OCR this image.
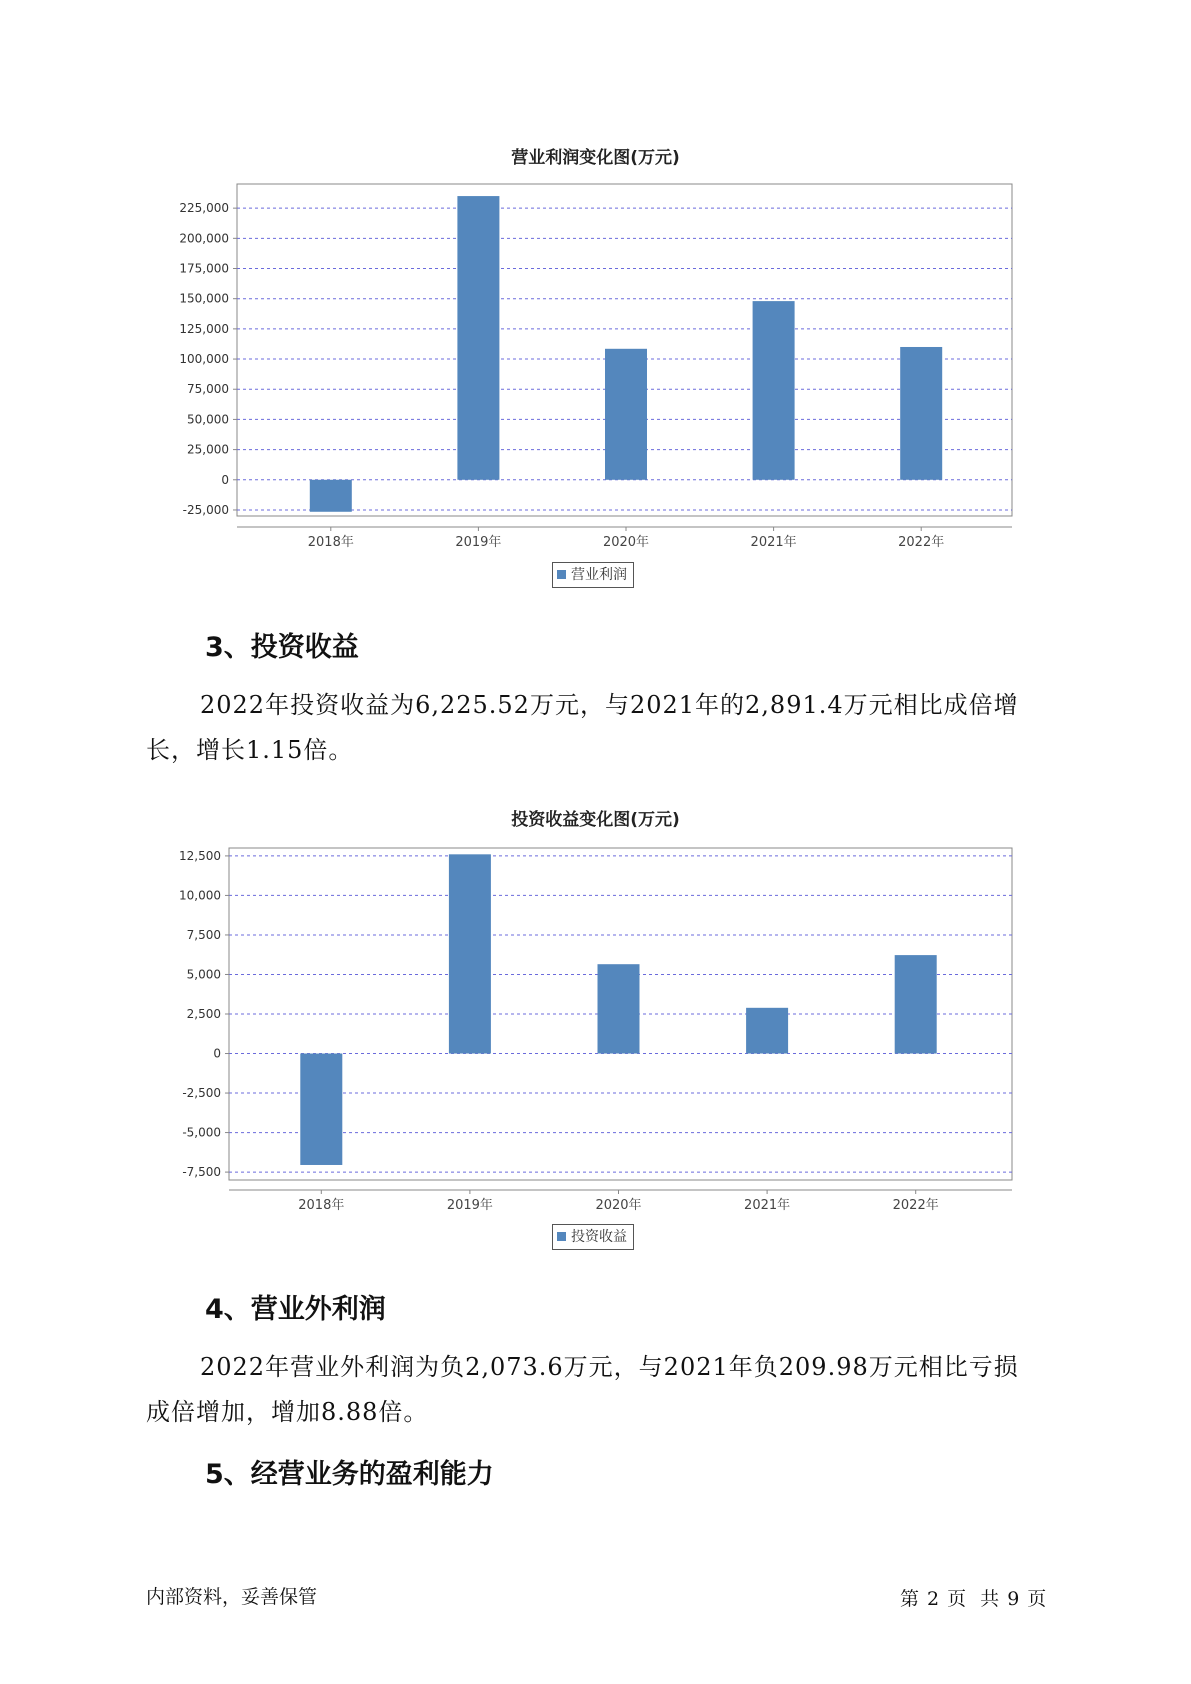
营业利润变化图(万元)
225,000
200,000
175,000
150,000
125,000
100,000
75,000
50,000
25,000
0
-25,000
2018年	2019年	2020年	2021年	2022年
营业利润
3、投资收益
2022年投资收益为6,225.52万元，与2021年的2,891.4万元相比成倍增
长，增长1.15倍。
投资收益变化图(万元)
12,500
10,000
7,500
5,000
2,500
0
-2,500
-5,000
-7,500
2018年	2019年	2020年	2021年	2022年
投资收益
4、营业外利润
2022年营业外利润为负2,073.6万元，与2021年负209.98万元相比亏损
成倍增加，增加8.88倍。
5、经营业务的盈利能力
内部资料，妥善保管	第 2 页 共 9 页
